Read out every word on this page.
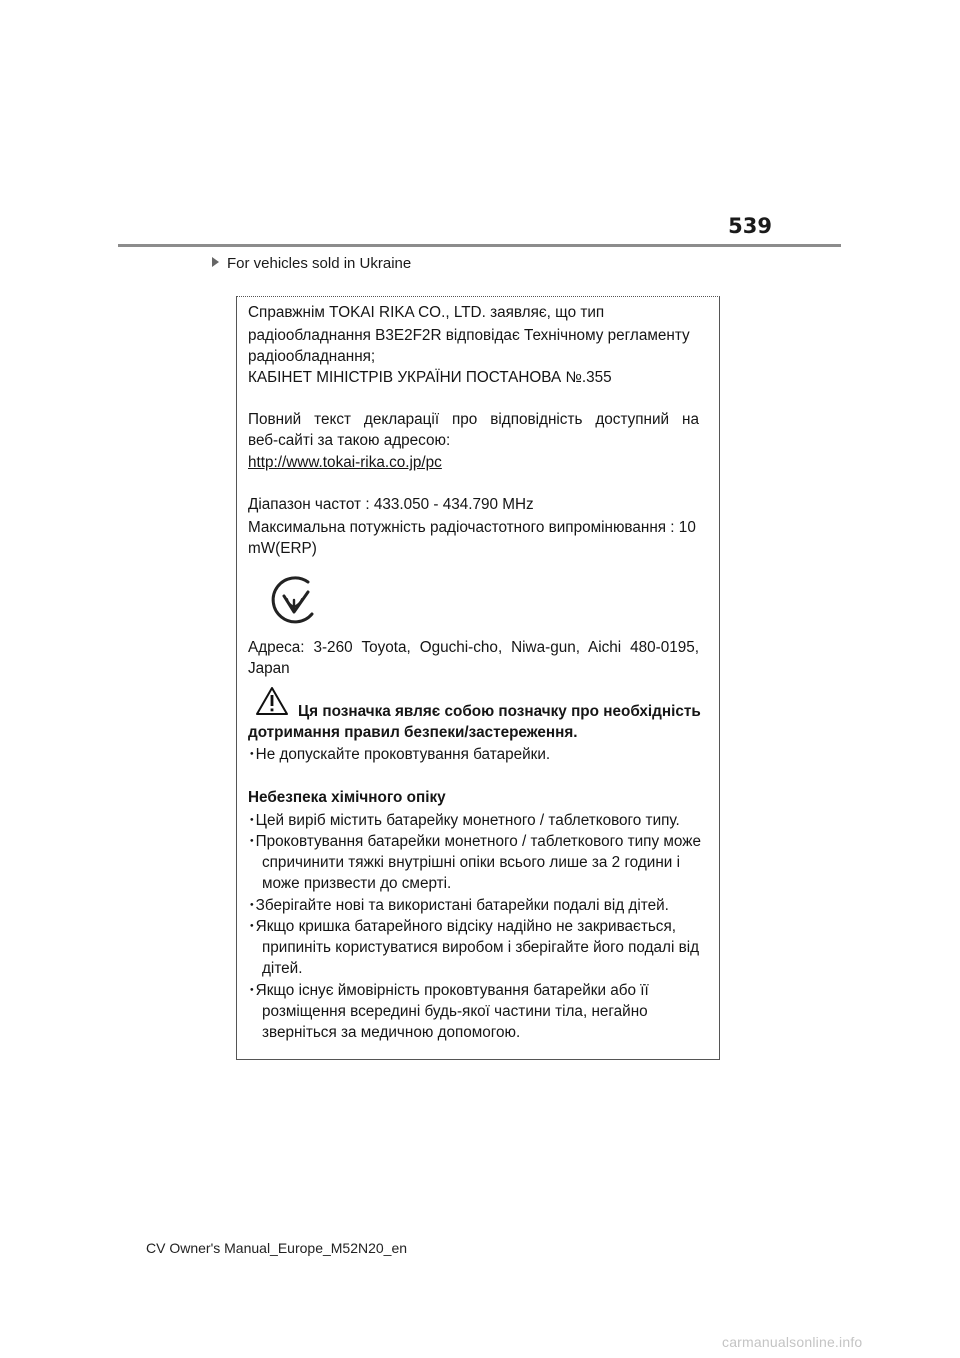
539
For vehicles sold in Ukraine
Справжнім TOKAI RIKA CO., LTD. заявляє, що тип
радіообладнання B3E2F2R відповідає Технічному регламенту
радіообладнання;
КАБІНЕТ МІНІСТРІВ УКРАЇНИ ПОСТАНОВА №.355
Повний текст декларації про відповідність доступний на
веб-сайті за такою адресою:
http://www.tokai-rika.co.jp/pc
Діапазон частот : 433.050 - 434.790 MHz
Максимальна потужність радіочастотного випромінювання : 10
mW(ERP)
Адреса: 3-260 Toyota, Oguchi-cho, Niwa-gun, Aichi 480-0195,
Japan
Ця позначка являє собою позначку про необхідність
дотримання правил безпеки/застереження.
･Не допускайте проковтування батарейки.
Небезпека хімічного опіку
･Цей виріб містить батарейку монетного / таблеткового типу.
･Проковтування батарейки монетного / таблеткового типу може
спричинити тяжкі внутрішні опіки всього лише за 2 години і
може призвести до смерті.
･Зберігайте нові та використані батарейки подалі від дітей.
･Якщо кришка батарейного відсіку надійно не закривається,
припиніть користуватися виробом і зберігайте його подалі від
дітей.
･Якщо існує ймовірність проковтування батарейки або її
розміщення всередині будь-якої частини тіла, негайно
зверніться за медичною допомогою.
CV Owner's Manual_Europe_M52N20_en
carmanualsonline.info
